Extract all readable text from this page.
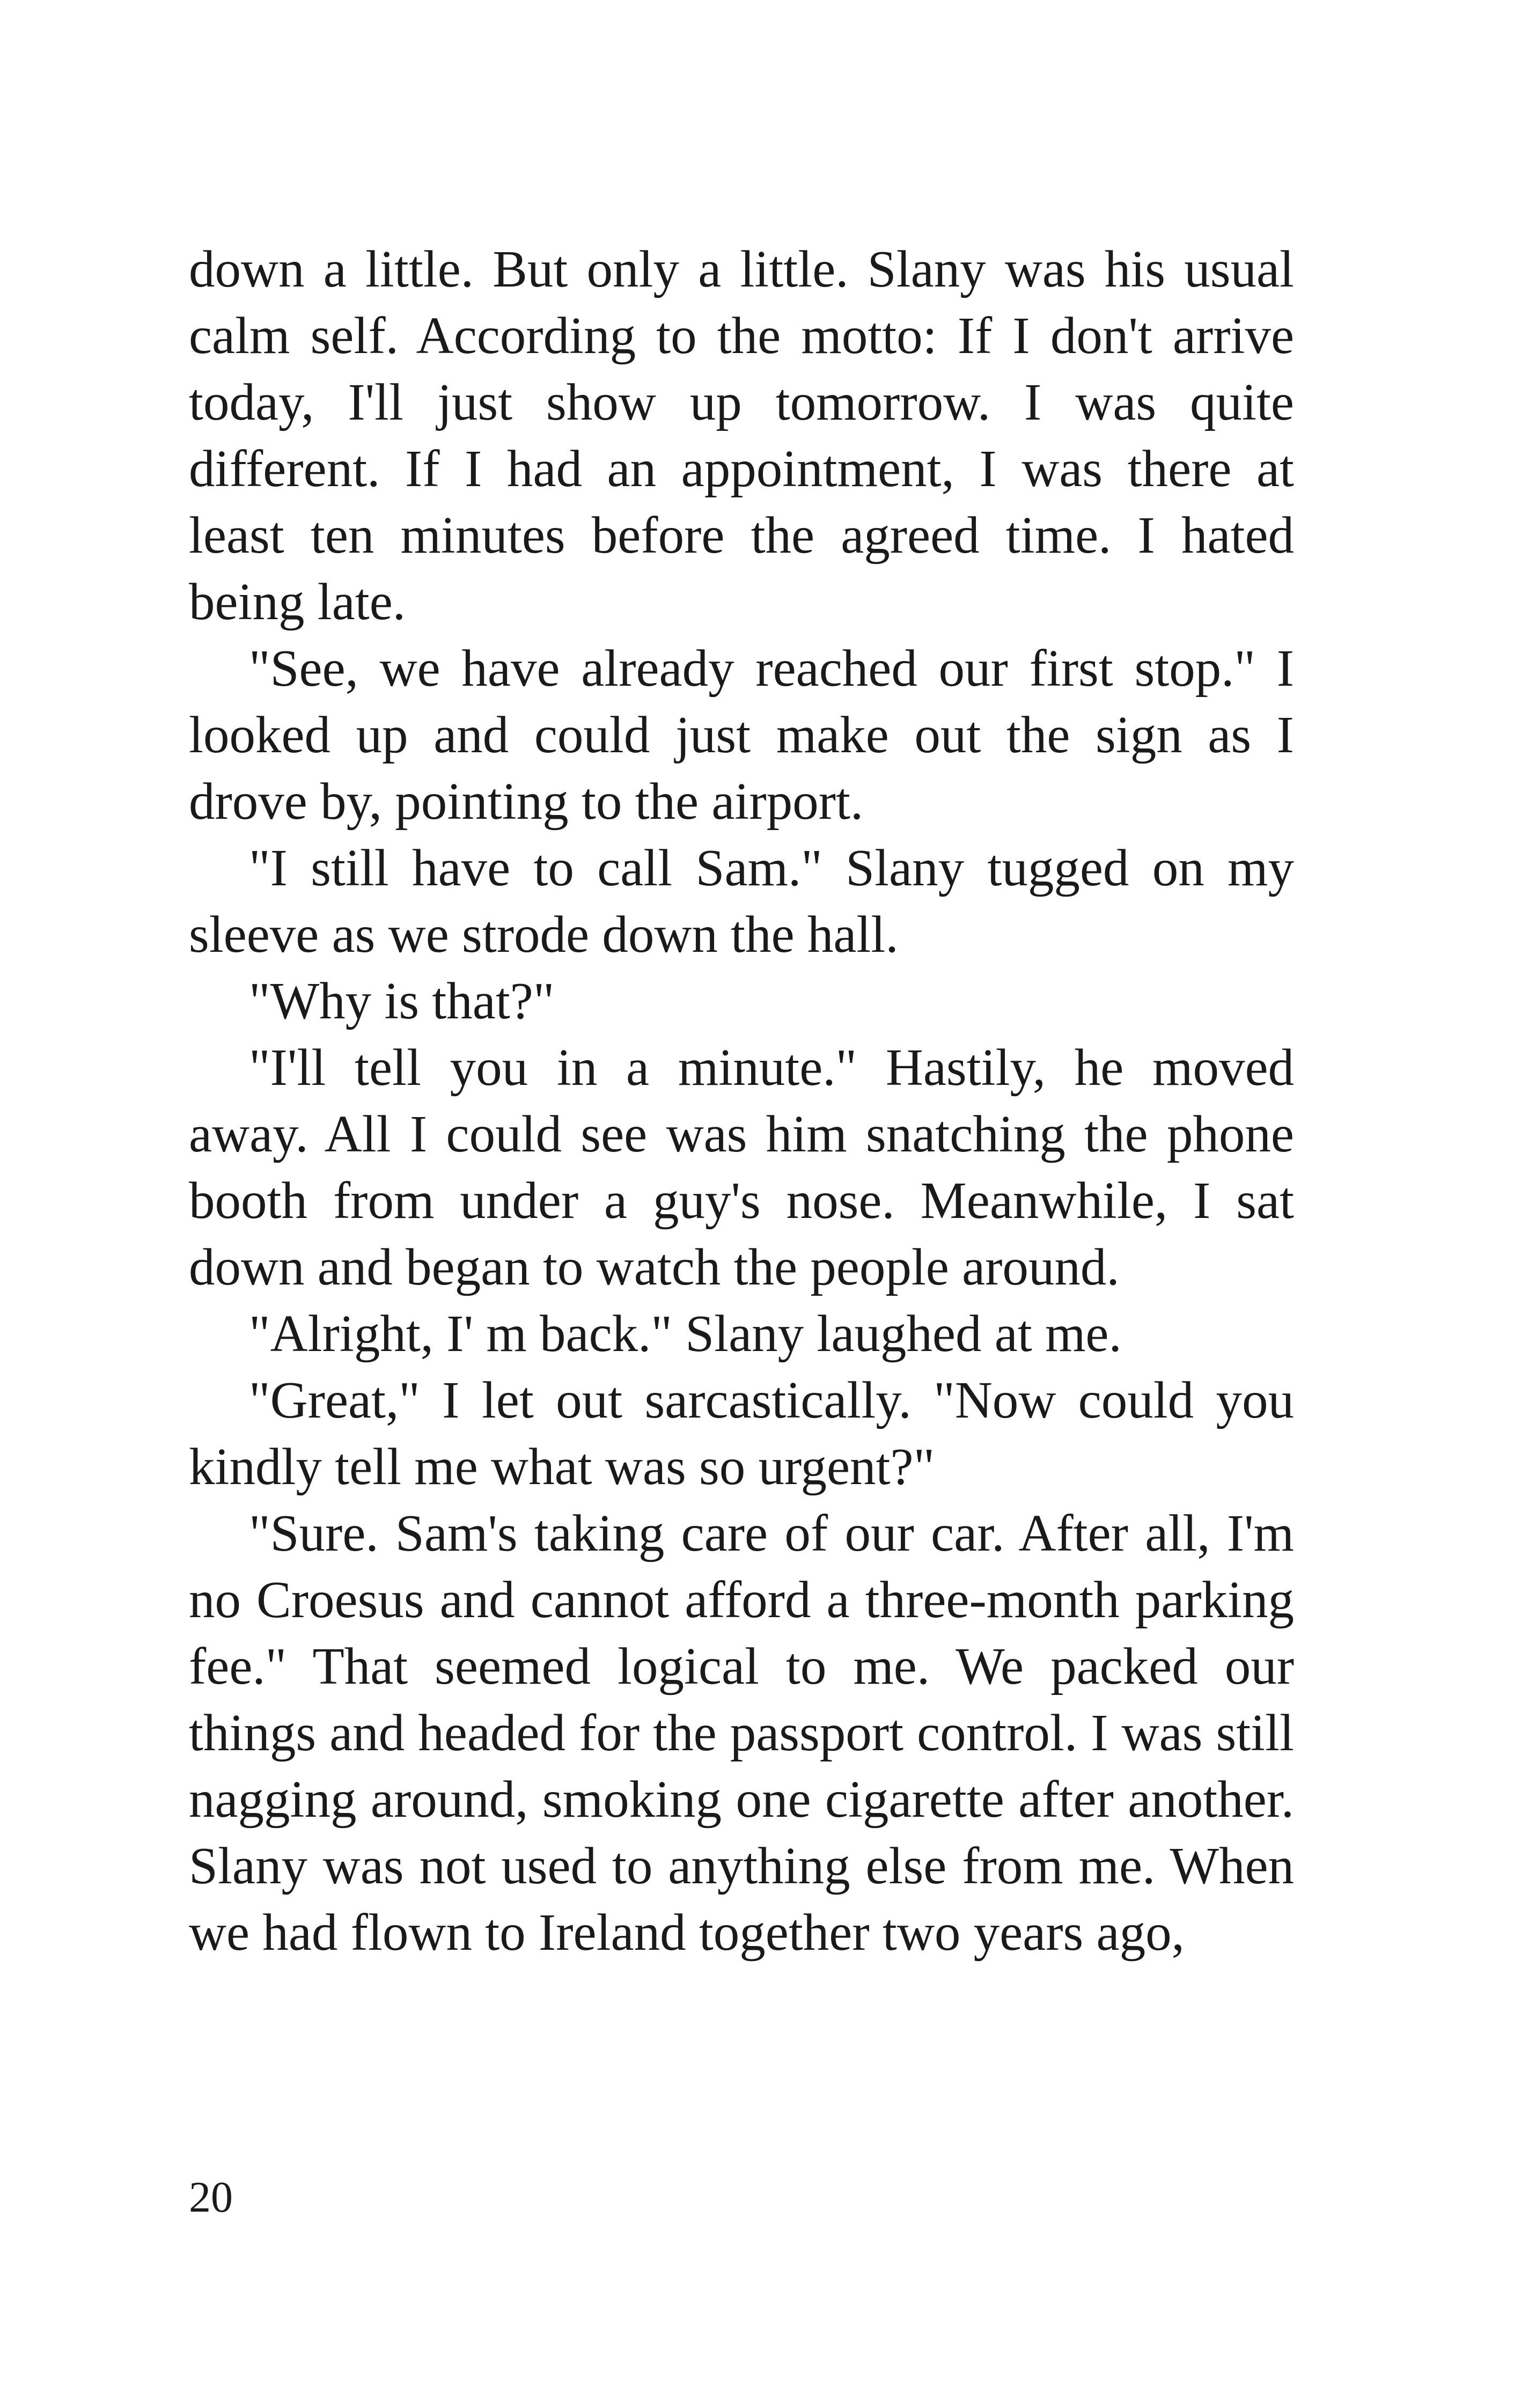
down a little. But only a little. Slany was his usual calm self. According to the motto: If I don't arrive today, I'll just show up tomorrow. I was quite different. If I had an appointment, I was there at least ten minutes before the agreed time. I hated being late.

"See, we have already reached our first stop." I looked up and could just make out the sign as I drove by, pointing to the airport.

"I still have to call Sam." Slany tugged on my sleeve as we strode down the hall.

"Why is that?"

"I'll tell you in a minute." Hastily, he moved away. All I could see was him snatching the phone booth from under a guy's nose. Meanwhile, I sat down and began to watch the people around.

"Alright, I' m back." Slany laughed at me.

"Great," I let out sarcastically. "Now could you kindly tell me what was so urgent?"

"Sure. Sam's taking care of our car. After all, I'm no Croesus and cannot afford a three-month parking fee." That seemed logical to me. We packed our things and headed for the passport control. I was still nagging around, smoking one cigarette after another. Slany was not used to anything else from me. When we had flown to Ireland together two years ago,

20
